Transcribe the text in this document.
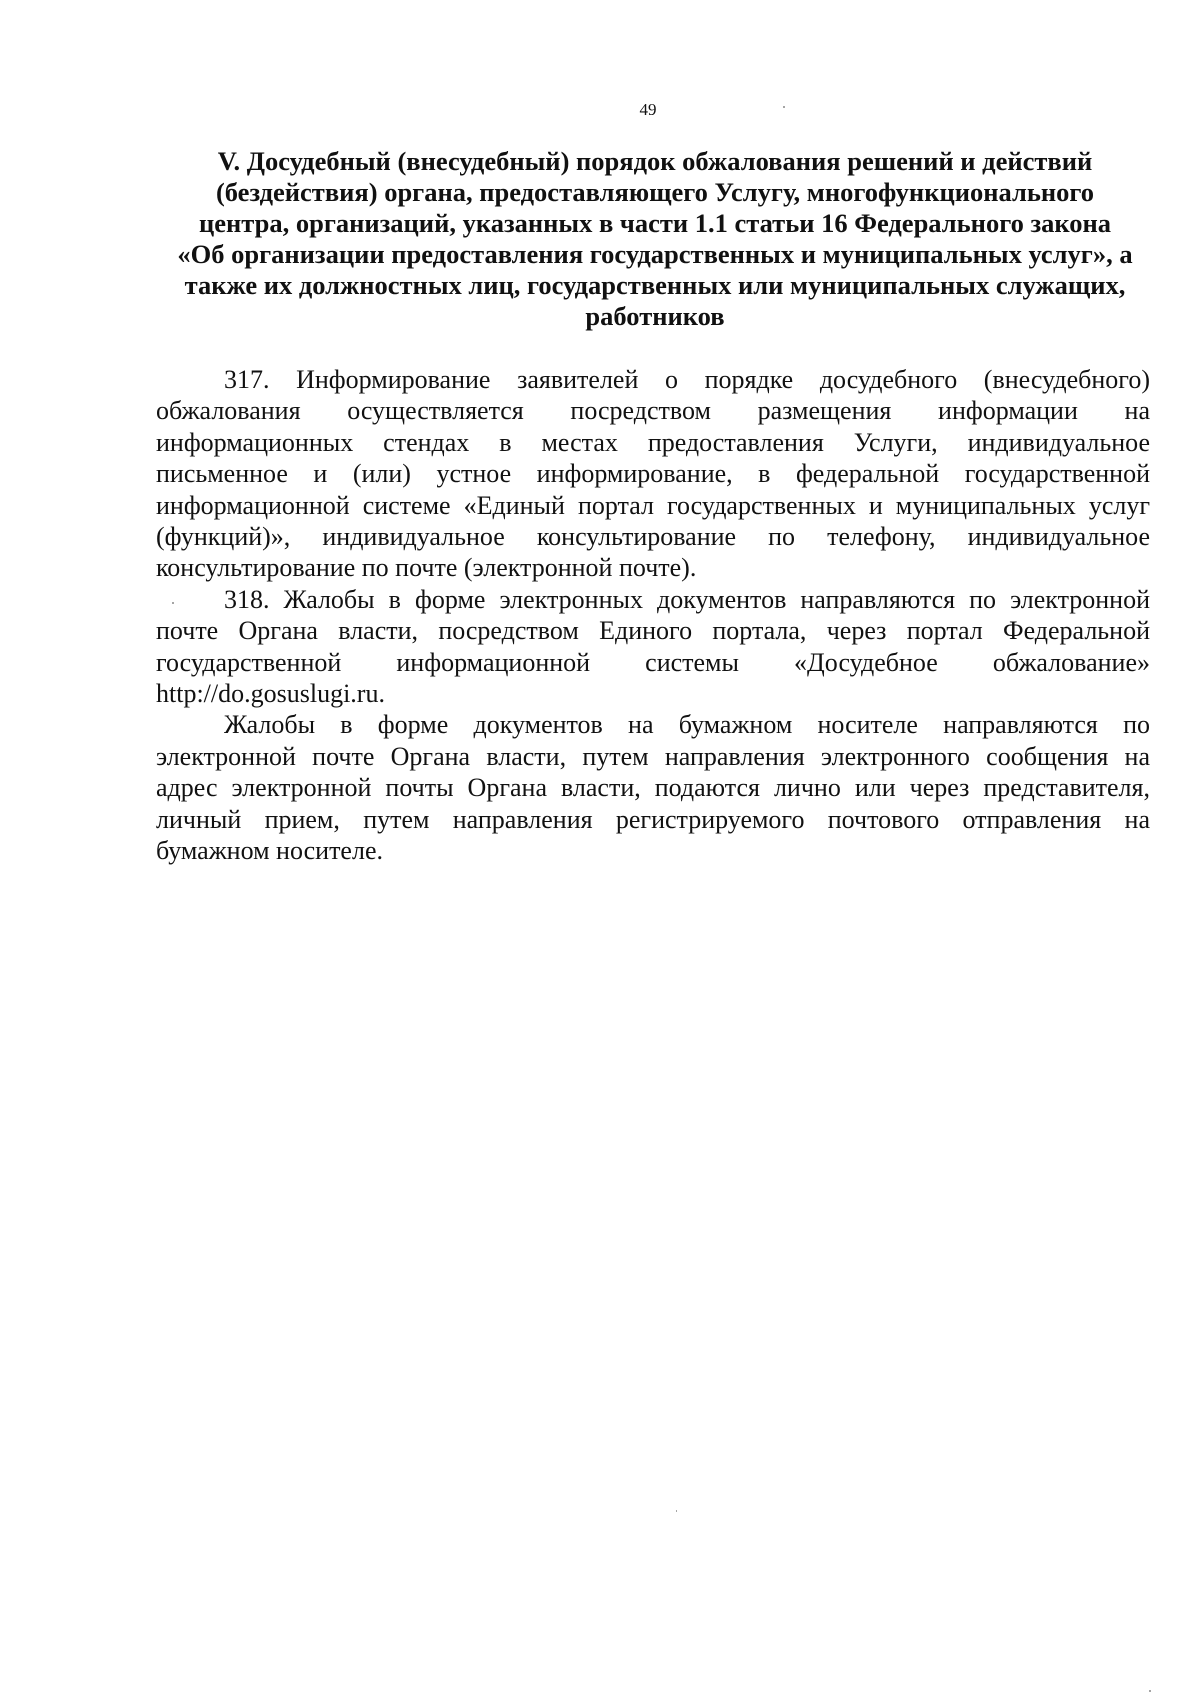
49
V. Досудебный (внесудебный) порядок обжалования решений и действий
(бездействия) органа, предоставляющего Услугу, многофункционального
центра, организаций, указанных в части 1.1 статьи 16 Федерального закона
«Об организации предоставления государственных и муниципальных услуг», а
также их должностных лиц, государственных или муниципальных служащих,
работников
317. Информирование заявителей о порядке досудебного (внесудебного)
обжалования осуществляется посредством размещения информации на
информационных стендах в местах предоставления Услуги, индивидуальное
письменное и (или) устное информирование, в федеральной государственной
информационной системе «Единый портал государственных и муниципальных услуг
(функций)», индивидуальное консультирование по телефону, индивидуальное
консультирование по почте (электронной почте).
318. Жалобы в форме электронных документов направляются по электронной
почте Органа власти, посредством Единого портала, через портал Федеральной
государственной информационной системы «Досудебное обжалование»
http://do.gosuslugi.ru.
Жалобы в форме документов на бумажном носителе направляются по
электронной почте Органа власти, путем направления электронного сообщения на
адрес электронной почты Органа власти, подаются лично или через представителя,
личный прием, путем направления регистрируемого почтового отправления на
бумажном носителе.
